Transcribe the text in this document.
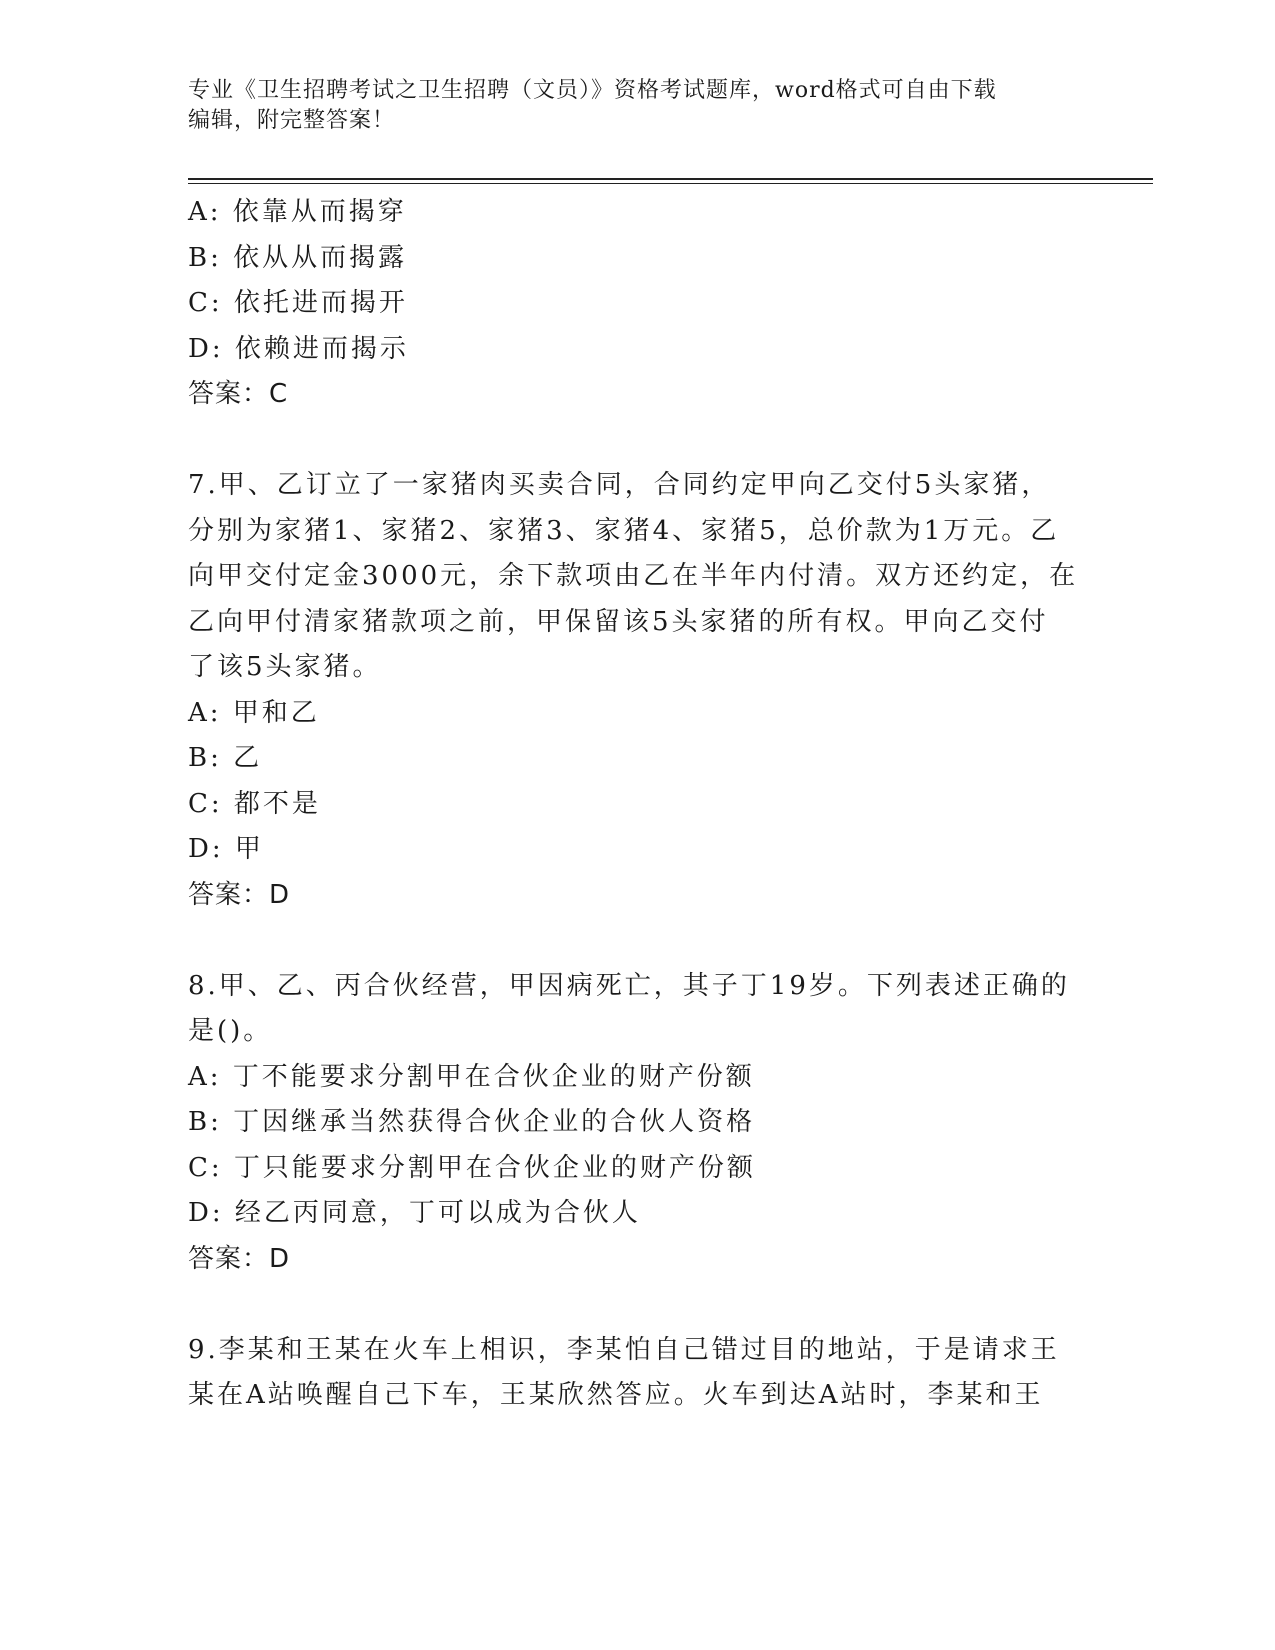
专业《卫生招聘考试之卫生招聘（文员）》资格考试题库，word格式可自由下载
编辑，附完整答案！
A: 依靠从而揭穿
B: 依从从而揭露
C: 依托进而揭开
D: 依赖进而揭示
答案：C
7.甲、乙订立了一家猪肉买卖合同，合同约定甲向乙交付5头家猪，
分别为家猪1、家猪2、家猪3、家猪4、家猪5，总价款为1万元。乙
向甲交付定金3000元，余下款项由乙在半年内付清。双方还约定，在
乙向甲付清家猪款项之前，甲保留该5头家猪的所有权。甲向乙交付
了该5头家猪。
A: 甲和乙
B: 乙
C: 都不是
D: 甲
答案：D
8.甲、乙、丙合伙经营，甲因病死亡，其子丁19岁。下列表述正确的
是()。
A: 丁不能要求分割甲在合伙企业的财产份额
B: 丁因继承当然获得合伙企业的合伙人资格
C: 丁只能要求分割甲在合伙企业的财产份额
D: 经乙丙同意，丁可以成为合伙人
答案：D
9.李某和王某在火车上相识，李某怕自己错过目的地站，于是请求王
某在A站唤醒自己下车，王某欣然答应。火车到达A站时，李某和王
